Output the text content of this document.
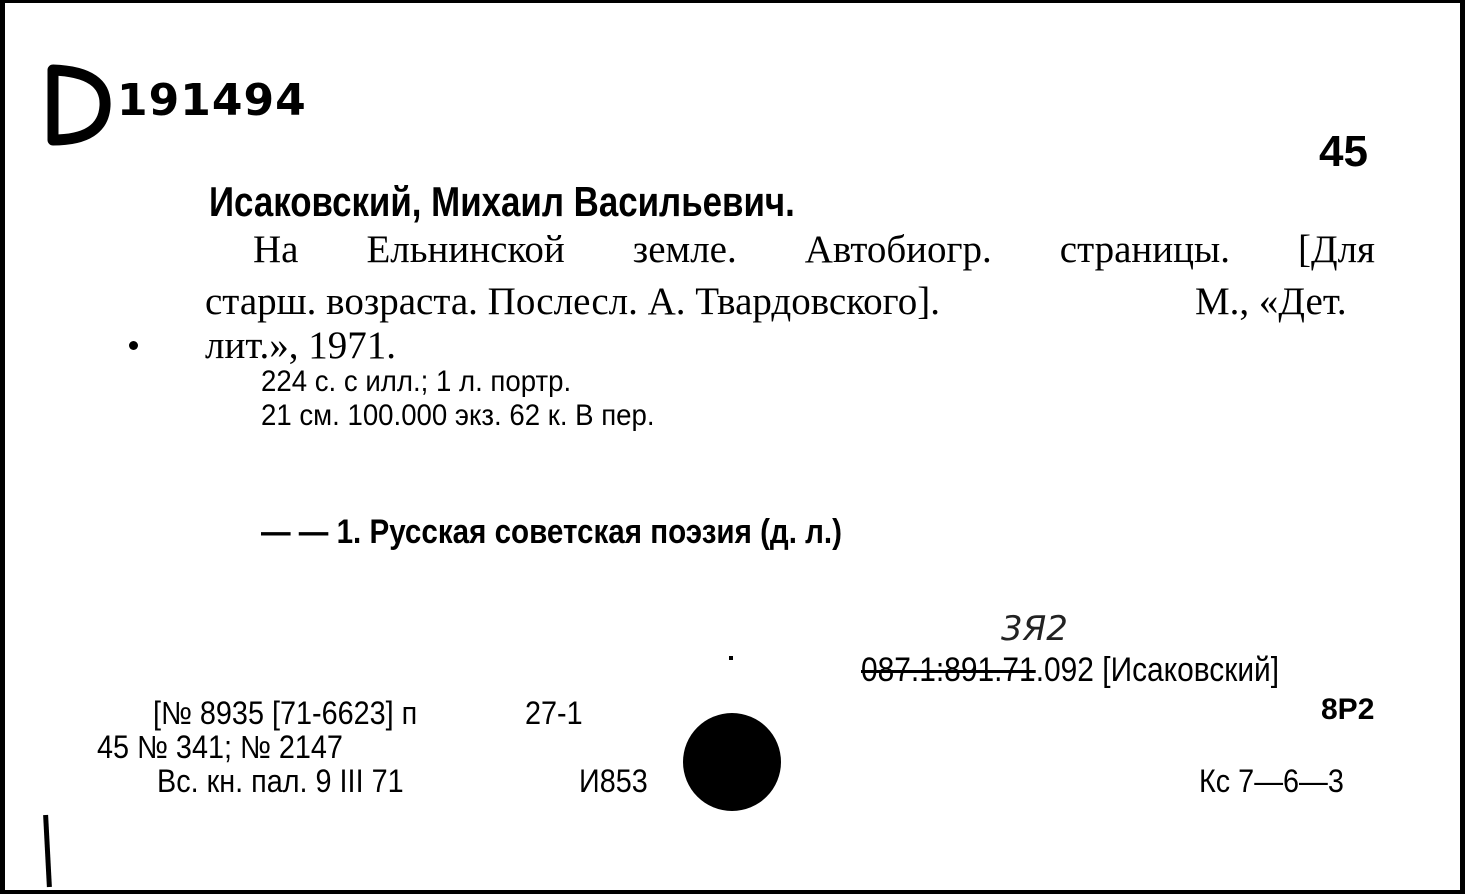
191494
45
Исаковский, Михаил Васильевич.
На Ельнинской земле. Автобиогр. страницы. [Для
старш. возраста. Послесл. А. Твардовского].	М., «Дет.
лит.», 1971.
224 с. с илл.; 1 л. портр.
21 см. 100.000 экз. 62 к. В пер.
— — 1. Русская советская поэзия (д. л.)
3Я2
087.1:891.71.092 [Исаковский]
8Р2
[№ 8935 [71-6623] п	27-1
45 № 341; № 2147
Вс. кн. пал. 9 III 71	И853	Кс 7—6—3
